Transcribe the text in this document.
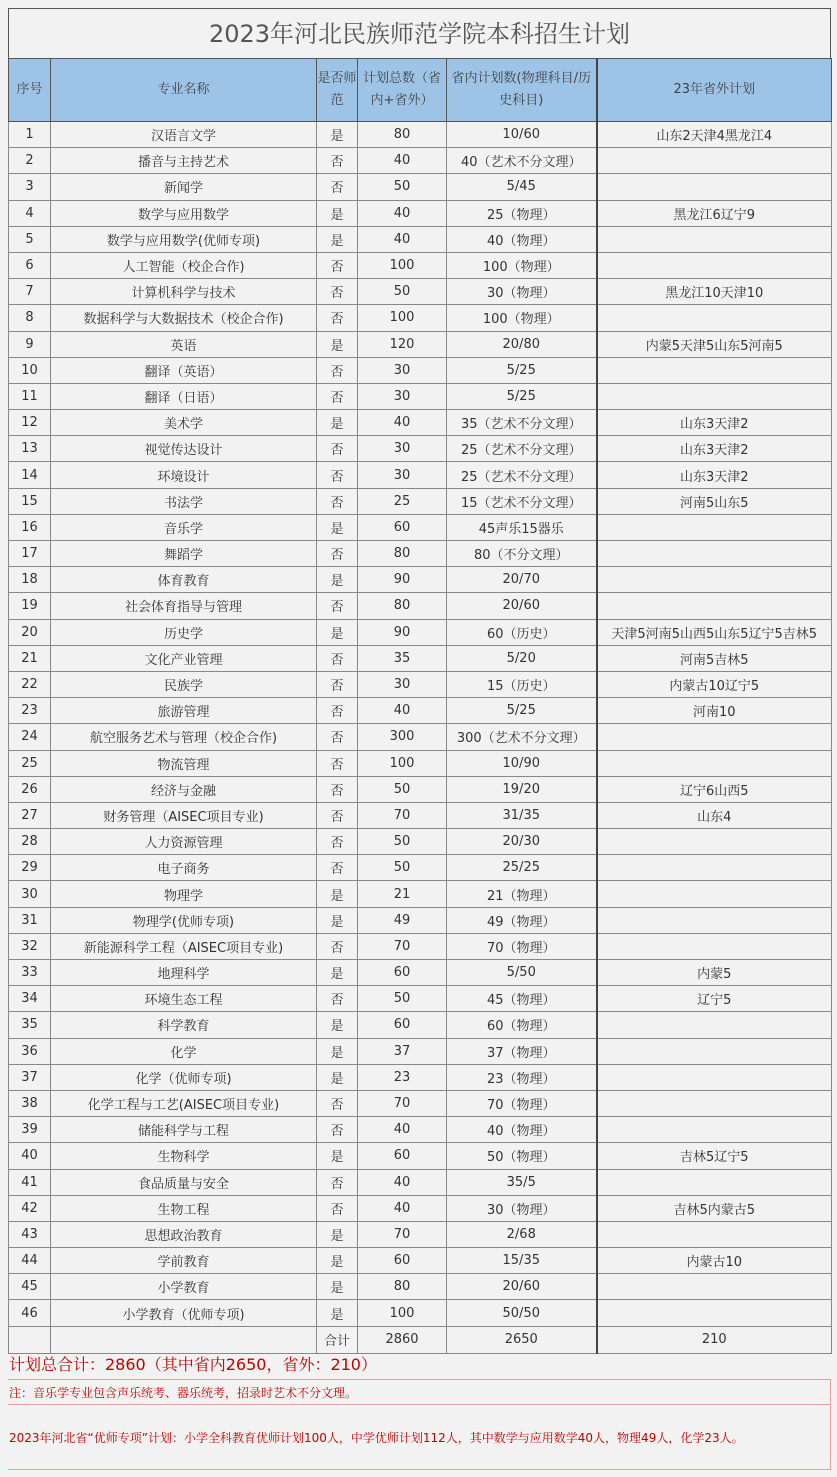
2023年河北民族师范学院本科招生计划
序号	专业名称	是否师范	计划总数（省内+省外）	省内计划数(物理科目/历史科目)	23年省外计划
1	汉语言文学	是	80	10/60	山东2天津4黑龙江4
2	播音与主持艺术	否	40	40（艺术不分文理）	
3	新闻学	否	50	5/45	
4	数学与应用数学	是	40	25（物理）	黑龙江6辽宁9
5	数学与应用数学(优师专项)	是	40	40（物理）	
6	人工智能（校企合作)	否	100	100（物理）	
7	计算机科学与技术	否	50	30（物理）	黑龙江10天津10
8	数据科学与大数据技术（校企合作)	否	100	100（物理）	
9	英语	是	120	20/80	内蒙5天津5山东5河南5
10	翻译（英语）	否	30	5/25	
11	翻译（日语）	否	30	5/25	
12	美术学	是	40	35（艺术不分文理）	山东3天津2
13	视觉传达设计	否	30	25（艺术不分文理）	山东3天津2
14	环境设计	否	30	25（艺术不分文理）	山东3天津2
15	书法学	否	25	15（艺术不分文理）	河南5山东5
16	音乐学	是	60	45声乐15器乐	
17	舞蹈学	否	80	80（不分文理）	
18	体育教育	是	90	20/70	
19	社会体育指导与管理	否	80	20/60	
20	历史学	是	90	60（历史）	天津5河南5山西5山东5辽宁5吉林5
21	文化产业管理	否	35	5/20	河南5吉林5
22	民族学	否	30	15（历史）	内蒙古10辽宁5
23	旅游管理	否	40	5/25	河南10
24	航空服务艺术与管理（校企合作)	否	300	300（艺术不分文理）	
25	物流管理	否	100	10/90	
26	经济与金融	否	50	19/20	辽宁6山西5
27	财务管理（AISEC项目专业)	否	70	31/35	山东4
28	人力资源管理	否	50	20/30	
29	电子商务	否	50	25/25	
30	物理学	是	21	21（物理）	
31	物理学(优师专项)	是	49	49（物理）	
32	新能源科学工程（AISEC项目专业)	否	70	70（物理）	
33	地理科学	是	60	5/50	内蒙5
34	环境生态工程	否	50	45（物理）	辽宁5
35	科学教育	是	60	60（物理）	
36	化学	是	37	37（物理）	
37	化学（优师专项)	是	23	23（物理）	
38	化学工程与工艺(AISEC项目专业)	否	70	70（物理）	
39	储能科学与工程	否	40	40（物理）	
40	生物科学	是	60	50（物理）	吉林5辽宁5
41	食品质量与安全	否	40	35/5	
42	生物工程	否	40	30（物理）	吉林5内蒙古5
43	思想政治教育	是	70	2/68	
44	学前教育	是	60	15/35	内蒙古10
45	小学教育	是	80	20/60	
46	小学教育（优师专项)	是	100	50/50	
		合计	2860	2650	210
计划总合计：2860（其中省内2650，省外：210）
注：音乐学专业包含声乐统考、器乐统考，招录时艺术不分文理。
2023年河北省“优师专项”计划：小学全科教育优师计划100人，中学优师计划112人，其中数学与应用数学40人，物理49人，化学23人。
